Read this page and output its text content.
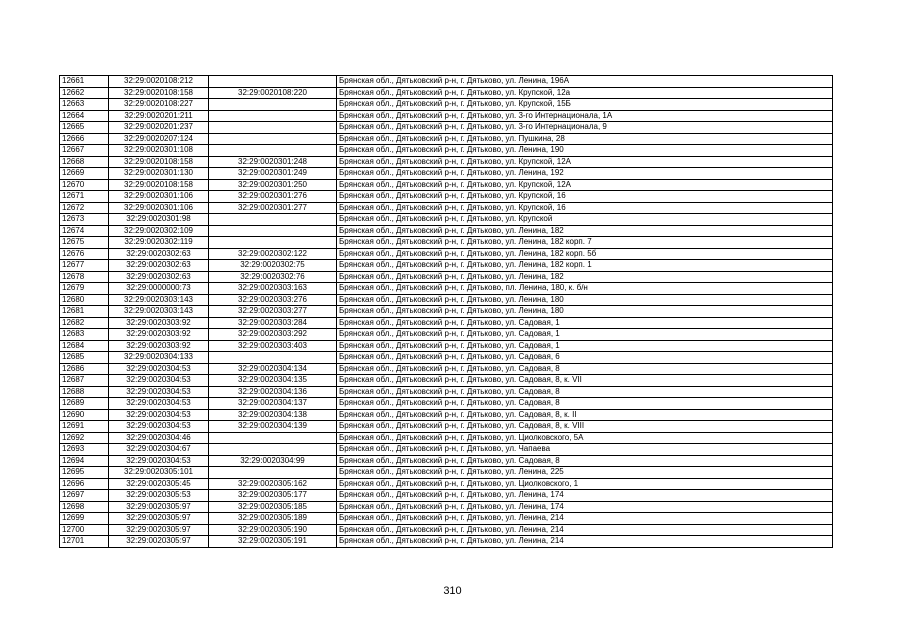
12661	32:29:0020108:212		Брянская обл., Дятьковский р-н, г. Дятьково, ул. Ленина, 196А
12662	32:29:0020108:158	32:29:0020108:220	Брянская обл., Дятьковский р-н, г. Дятьково, ул. Крупской, 12а
12663	32:29:0020108:227		Брянская обл., Дятьковский р-н, г. Дятьково, ул. Крупской, 15Б
12664	32:29:0020201:211		Брянская обл., Дятьковский р-н, г. Дятьково, ул. 3-го Интернационала, 1А
12665	32:29:0020201:237		Брянская обл., Дятьковский р-н, г. Дятьково, ул. 3-го Интернационала, 9
12666	32:29:0020207:124		Брянская обл., Дятьковский р-н, г. Дятьково, ул. Пушкина, 28
12667	32:29:0020301:108		Брянская обл., Дятьковский р-н, г. Дятьково, ул. Ленина, 190
12668	32:29:0020108:158	32:29:0020301:248	Брянская обл., Дятьковский р-н, г. Дятьково, ул. Крупской, 12А
12669	32:29:0020301:130	32:29:0020301:249	Брянская обл., Дятьковский р-н, г. Дятьково, ул. Ленина, 192
12670	32:29:0020108:158	32:29:0020301:250	Брянская обл., Дятьковский р-н, г. Дятьково, ул. Крупской, 12А
12671	32:29:0020301:106	32:29:0020301:276	Брянская обл., Дятьковский р-н, г. Дятьково, ул. Крупской, 16
12672	32:29:0020301:106	32:29:0020301:277	Брянская обл., Дятьковский р-н, г. Дятьково, ул. Крупской, 16
12673	32:29:0020301:98		Брянская обл., Дятьковский р-н, г. Дятьково, ул. Крупской
12674	32:29:0020302:109		Брянская обл., Дятьковский р-н, г. Дятьково, ул. Ленина, 182
12675	32:29:0020302:119		Брянская обл., Дятьковский р-н, г. Дятьково, ул. Ленина, 182 корп. 7
12676	32:29:0020302:63	32:29:0020302:122	Брянская обл., Дятьковский р-н, г. Дятьково, ул. Ленина, 182 корп. 5б
12677	32:29:0020302:63	32:29:0020302:75	Брянская обл., Дятьковский р-н, г. Дятьково, ул. Ленина, 182 корп. 1
12678	32:29:0020302:63	32:29:0020302:76	Брянская обл., Дятьковский р-н, г. Дятьково, ул. Ленина, 182
12679	32:29:0000000:73	32:29:0020303:163	Брянская обл., Дятьковский р-н, г. Дятьково, пл. Ленина, 180, к. б/н
12680	32:29:0020303:143	32:29:0020303:276	Брянская обл., Дятьковский р-н, г. Дятьково, ул. Ленина, 180
12681	32:29:0020303:143	32:29:0020303:277	Брянская обл., Дятьковский р-н, г. Дятьково, ул. Ленина, 180
12682	32:29:0020303:92	32:29:0020303:284	Брянская обл., Дятьковский р-н, г. Дятьково, ул. Садовая, 1
12683	32:29:0020303:92	32:29:0020303:292	Брянская обл., Дятьковский р-н, г. Дятьково, ул. Садовая, 1
12684	32:29:0020303:92	32:29:0020303:403	Брянская обл., Дятьковский р-н, г. Дятьково, ул. Садовая, 1
12685	32:29:0020304:133		Брянская обл., Дятьковский р-н, г. Дятьково, ул. Садовая, 6
12686	32:29:0020304:53	32:29:0020304:134	Брянская обл., Дятьковский р-н, г. Дятьково, ул. Садовая, 8
12687	32:29:0020304:53	32:29:0020304:135	Брянская обл., Дятьковский р-н, г. Дятьково, ул. Садовая, 8, к. VII
12688	32:29:0020304:53	32:29:0020304:136	Брянская обл., Дятьковский р-н, г. Дятьково, ул. Садовая, 8
12689	32:29:0020304:53	32:29:0020304:137	Брянская обл., Дятьковский р-н, г. Дятьково, ул. Садовая, 8
12690	32:29:0020304:53	32:29:0020304:138	Брянская обл., Дятьковский р-н, г. Дятьково, ул. Садовая, 8, к. II
12691	32:29:0020304:53	32:29:0020304:139	Брянская обл., Дятьковский р-н, г. Дятьково, ул. Садовая, 8, к. VIII
12692	32:29:0020304:46		Брянская обл., Дятьковский р-н, г. Дятьково, ул. Циолковского, 5А
12693	32:29:0020304:67		Брянская обл., Дятьковский р-н, г. Дятьково, ул. Чапаева
12694	32:29:0020304:53	32:29:0020304:99	Брянская обл., Дятьковский р-н, г. Дятьково, ул. Садовая, 8
12695	32:29:0020305:101		Брянская обл., Дятьковский р-н, г. Дятьково, ул. Ленина, 225
12696	32:29:0020305:45	32:29:0020305:162	Брянская обл., Дятьковский р-н, г. Дятьково, ул. Циолковского, 1
12697	32:29:0020305:53	32:29:0020305:177	Брянская обл., Дятьковский р-н, г. Дятьково, ул. Ленина, 174
12698	32:29:0020305:97	32:29:0020305:185	Брянская обл., Дятьковский р-н, г. Дятьково, ул. Ленина, 174
12699	32:29:0020305:97	32:29:0020305:189	Брянская обл., Дятьковский р-н, г. Дятьково, ул. Ленина, 214
12700	32:29:0020305:97	32:29:0020305:190	Брянская обл., Дятьковский р-н, г. Дятьково, ул. Ленина, 214
12701	32:29:0020305:97	32:29:0020305:191	Брянская обл., Дятьковский р-н, г. Дятьково, ул. Ленина, 214
310
